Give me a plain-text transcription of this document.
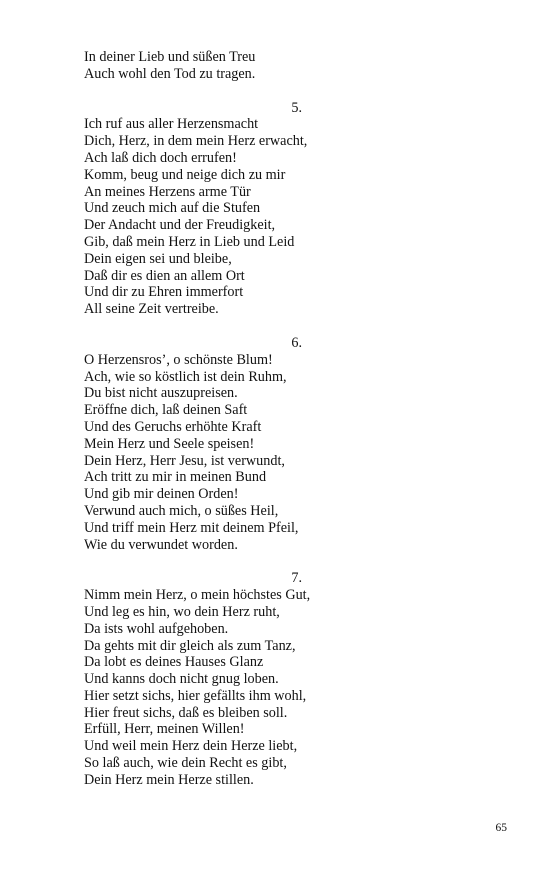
In deiner Lieb und süßen Treu
Auch wohl den Tod zu tragen.
5.
Ich ruf aus aller Herzensmacht
Dich, Herz, in dem mein Herz erwacht,
Ach laß dich doch errufen!
Komm, beug und neige dich zu mir
An meines Herzens arme Tür
Und zeuch mich auf die Stufen
Der Andacht und der Freudigkeit,
Gib, daß mein Herz in Lieb und Leid
Dein eigen sei und bleibe,
Daß dir es dien an allem Ort
Und dir zu Ehren immerfort
All seine Zeit vertreibe.
6.
O Herzensros’, o schönste Blum!
Ach, wie so köstlich ist dein Ruhm,
Du bist nicht auszupreisen.
Eröffne dich, laß deinen Saft
Und des Geruchs erhöhte Kraft
Mein Herz und Seele speisen!
Dein Herz, Herr Jesu, ist verwundt,
Ach tritt zu mir in meinen Bund
Und gib mir deinen Orden!
Verwund auch mich, o süßes Heil,
Und triff mein Herz mit deinem Pfeil,
Wie du verwundet worden.
7.
Nimm mein Herz, o mein höchstes Gut,
Und leg es hin, wo dein Herz ruht,
Da ists wohl aufgehoben.
Da gehts mit dir gleich als zum Tanz,
Da lobt es deines Hauses Glanz
Und kanns doch nicht gnug loben.
Hier setzt sichs, hier gefällts ihm wohl,
Hier freut sichs, daß es bleiben soll.
Erfüll, Herr, meinen Willen!
Und weil mein Herz dein Herze liebt,
So laß auch, wie dein Recht es gibt,
Dein Herz mein Herze stillen.
65
